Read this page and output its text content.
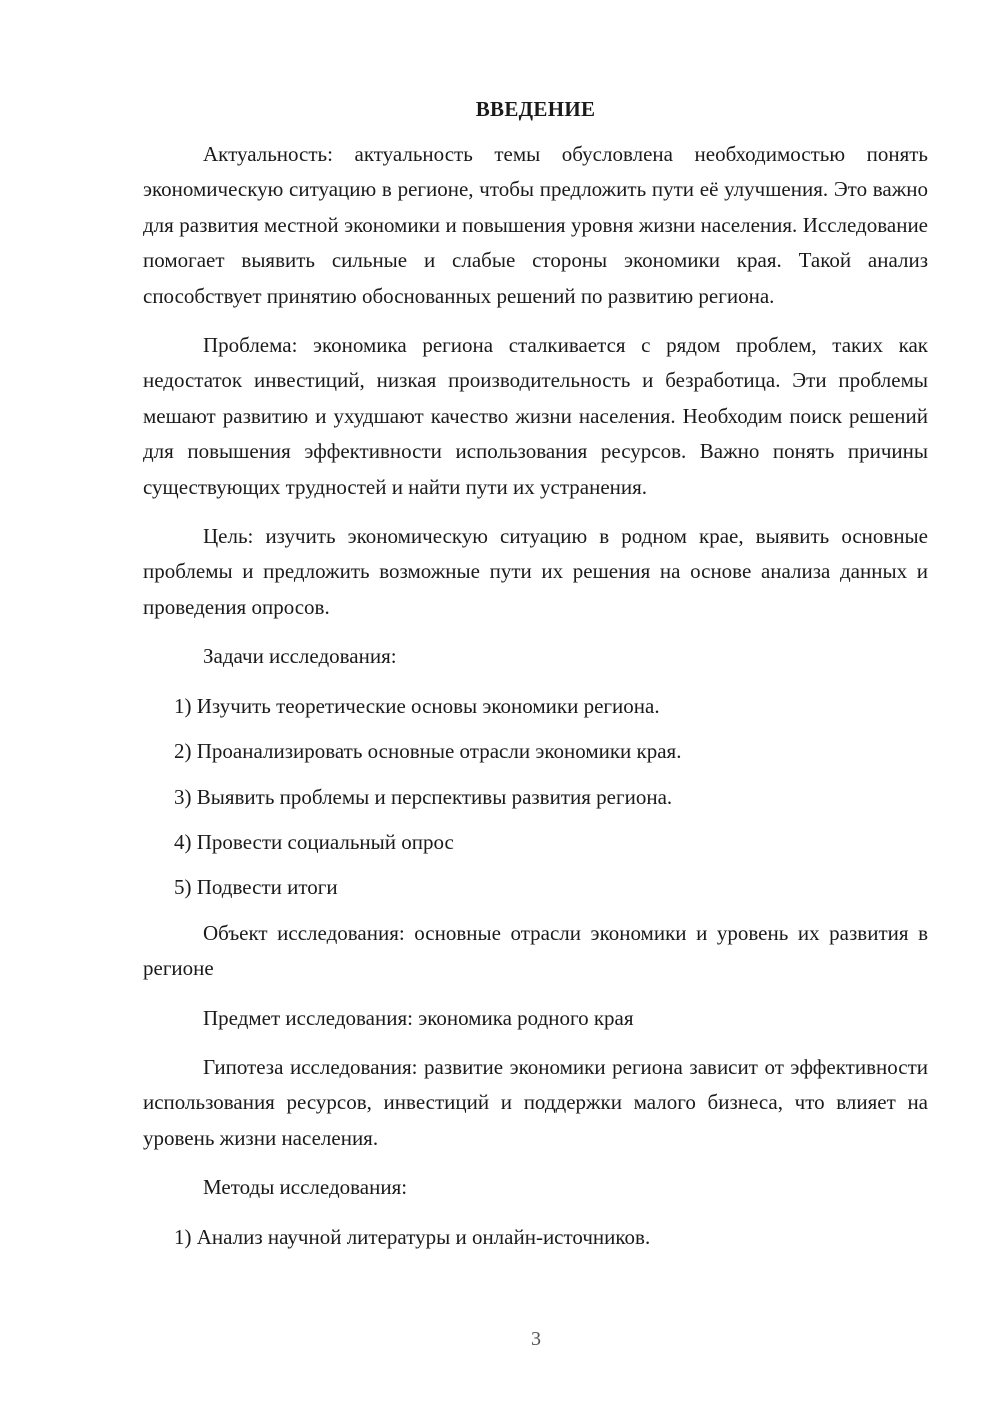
ВВЕДЕНИЕ

Актуальность: актуальность темы обусловлена необходимостью понять экономическую ситуацию в регионе, чтобы предложить пути её улучшения. Это важно для развития местной экономики и повышения уровня жизни населения. Исследование помогает выявить сильные и слабые стороны экономики края. Такой анализ способствует принятию обоснованных решений по развитию региона.

Проблема: экономика региона сталкивается с рядом проблем, таких как недостаток инвестиций, низкая производительность и безработица. Эти проблемы мешают развитию и ухудшают качество жизни населения. Необходим поиск решений для повышения эффективности использования ресурсов. Важно понять причины существующих трудностей и найти пути их устранения.

Цель: изучить экономическую ситуацию в родном крае, выявить основные проблемы и предложить возможные пути их решения на основе анализа данных и проведения опросов.

Задачи исследования:

1) Изучить теоретические основы экономики региона.

2) Проанализировать основные отрасли экономики края.

3) Выявить проблемы и перспективы развития региона.

4) Провести социальный опрос

5) Подвести итоги

Объект исследования: основные отрасли экономики и уровень их развития в регионе

Предмет исследования: экономика родного края

Гипотеза исследования: развитие экономики региона зависит от эффективности использования ресурсов, инвестиций и поддержки малого бизнеса, что влияет на уровень жизни населения.

Методы исследования:

1) Анализ научной литературы и онлайн-источников.

3
